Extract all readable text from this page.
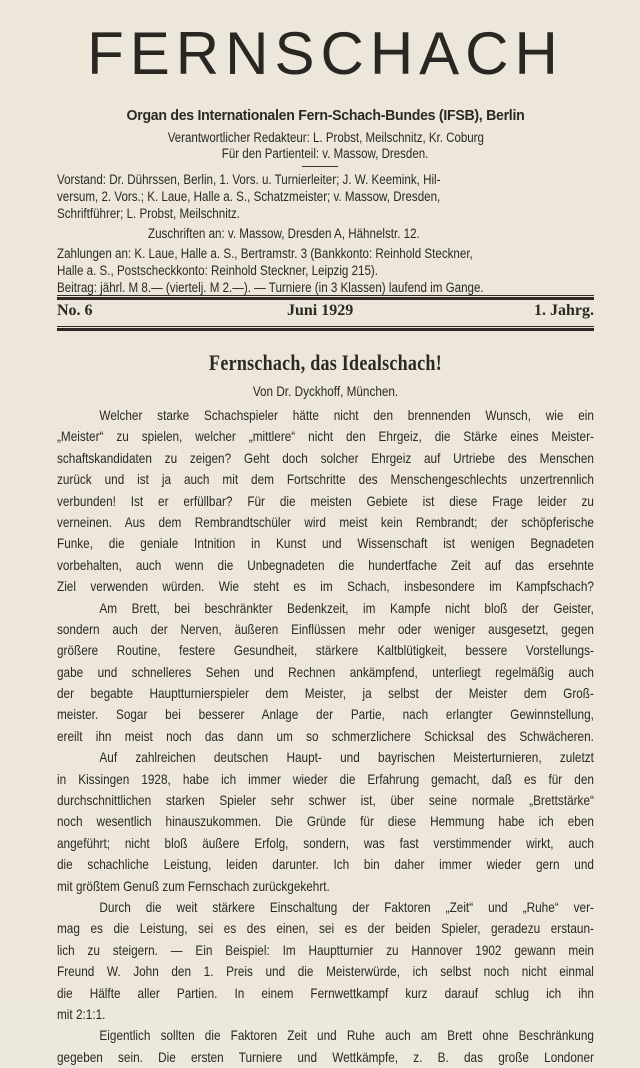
FERNSCHACH
Organ des Internationalen Fern-Schach-Bundes (IFSB), Berlin
Verantwortlicher Redakteur: L. Probst, Meilschnitz, Kr. Coburg
Für den Partienteil: v. Massow, Dresden.
Vorstand: Dr. Dührssen, Berlin, 1. Vors. u. Turnierleiter; J. W. Keemink, Hil-
versum, 2. Vors.; K. Laue, Halle a. S., Schatzmeister; v. Massow, Dresden,
Schriftführer; L. Probst, Meilschnitz.
Zuschriften an: v. Massow, Dresden A, Hähnelstr. 12.
Zahlungen an: K. Laue, Halle a. S., Bertramstr. 3 (Bankkonto: Reinhold Steckner,
Halle a. S., Postscheckkonto: Reinhold Steckner, Leipzig 215).
Beitrag: jährl. M 8.— (viertelj. M 2.—). — Turniere (in 3 Klassen) laufend im Gange.
No. 6	Juni 1929	1. Jahrg.
Fernschach, das Idealschach!
Von Dr. Dyckhoff, München.
Welcher starke Schachspieler hätte nicht den brennenden Wunsch, wie ein
„Meister“ zu spielen, welcher „mittlere“ nicht den Ehrgeiz, die Stärke eines Meister-
schaftskandidaten zu zeigen? Geht doch solcher Ehrgeiz auf Urtriebe des Menschen
zurück und ist ja auch mit dem Fortschritte des Menschengeschlechts unzertrennlich
verbunden! Ist er erfüllbar? Für die meisten Gebiete ist diese Frage leider zu
verneinen. Aus dem Rembrandtschüler wird meist kein Rembrandt; der schöpferische
Funke, die geniale Intnition in Kunst und Wissenschaft ist wenigen Begnadeten
vorbehalten, auch wenn die Unbegnadeten die hundertfache Zeit auf das ersehnte
Ziel verwenden würden. Wie steht es im Schach, insbesondere im Kampfschach?
Am Brett, bei beschränkter Bedenkzeit, im Kampfe nicht bloß der Geister,
sondern auch der Nerven, äußeren Einflüssen mehr oder weniger ausgesetzt, gegen
größere Routine, festere Gesundheit, stärkere Kaltblütigkeit, bessere Vorstellungs-
gabe und schnelleres Sehen und Rechnen ankämpfend, unterliegt regelmäßig auch
der begabte Hauptturnierspieler dem Meister, ja selbst der Meister dem Groß-
meister. Sogar bei besserer Anlage der Partie, nach erlangter Gewinnstellung,
ereilt ihn meist noch das dann um so schmerzlichere Schicksal des Schwächeren.
Auf zahlreichen deutschen Haupt- und bayrischen Meisterturnieren, zuletzt
in Kissingen 1928, habe ich immer wieder die Erfahrung gemacht, daß es für den
durchschnittlichen starken Spieler sehr schwer ist, über seine normale „Brettstärke“
noch wesentlich hinauszukommen. Die Gründe für diese Hemmung habe ich eben
angeführt; nicht bloß äußere Erfolg, sondern, was fast verstimmender wirkt, auch
die schachliche Leistung, leiden darunter. Ich bin daher immer wieder gern und
mit größtem Genuß zum Fernschach zurückgekehrt.
Durch die weit stärkere Einschaltung der Faktoren „Zeit“ und „Ruhe“ ver-
mag es die Leistung, sei es des einen, sei es der beiden Spieler, geradezu erstaun-
lich zu steigern. — Ein Beispiel: Im Hauptturnier zu Hannover 1902 gewann mein
Freund W. John den 1. Preis und die Meisterwürde, ich selbst noch nicht einmal
die Hälfte aller Partien. In einem Fernwettkampf kurz darauf schlug ich ihn
mit 2:1:1.
Eigentlich sollten die Faktoren Zeit und Ruhe auch am Brett ohne Beschränkung
gegeben sein. Die ersten Turniere und Wettkämpfe, z. B. das große Londoner
